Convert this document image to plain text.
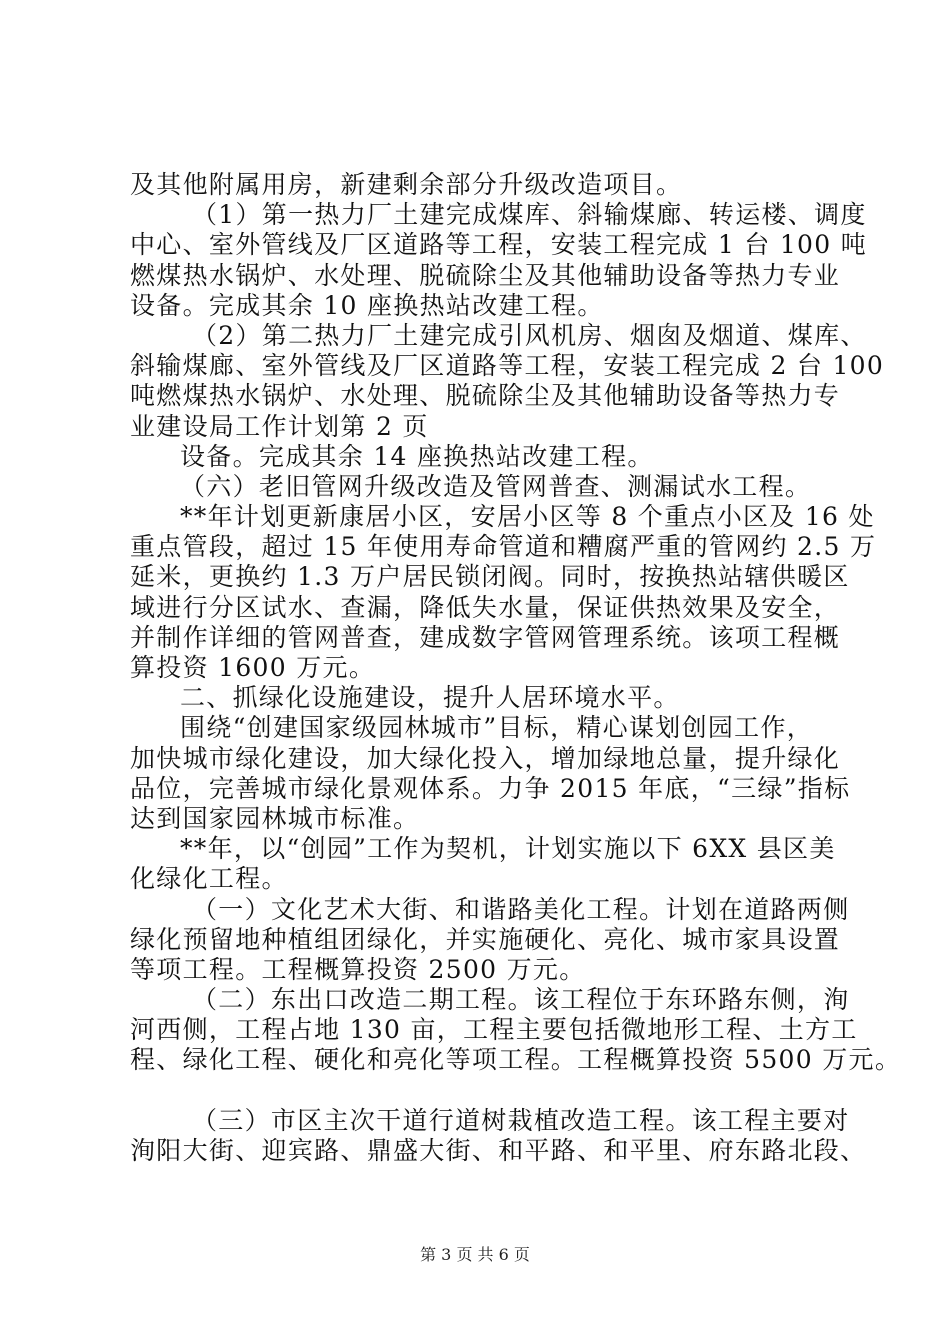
及其他附属用房，新建剩余部分升级改造项目。
（1）第一热力厂土建完成煤库、斜输煤廊、转运楼、调度
中心、室外管线及厂区道路等工程，安装工程完成 1 台 100 吨
燃煤热水锅炉、水处理、脱硫除尘及其他辅助设备等热力专业
设备。完成其余 10 座换热站改建工程。
（2）第二热力厂土建完成引风机房、烟囱及烟道、煤库、
斜输煤廊、室外管线及厂区道路等工程，安装工程完成 2 台 100
吨燃煤热水锅炉、水处理、脱硫除尘及其他辅助设备等热力专
业建设局工作计划第 2 页
设备。完成其余 14 座换热站改建工程。
（六）老旧管网升级改造及管网普查、测漏试水工程。
**年计划更新康居小区，安居小区等 8 个重点小区及 16 处
重点管段，超过 15 年使用寿命管道和糟腐严重的管网约 2.5 万
延米，更换约 1.3 万户居民锁闭阀。同时，按换热站辖供暖区
域进行分区试水、查漏，降低失水量，保证供热效果及安全，
并制作详细的管网普查，建成数字管网管理系统。该项工程概
算投资 1600 万元。
二、抓绿化设施建设，提升人居环境水平。
围绕“创建国家级园林城市”目标，精心谋划创园工作，
加快城市绿化建设，加大绿化投入，增加绿地总量，提升绿化
品位，完善城市绿化景观体系。力争 2015 年底，“三绿”指标
达到国家园林城市标准。
**年，以“创园”工作为契机，计划实施以下 6XX 县区美
化绿化工程。
（一）文化艺术大街、和谐路美化工程。计划在道路两侧
绿化预留地种植组团绿化，并实施硬化、亮化、城市家具设置
等项工程。工程概算投资 2500 万元。
（二）东出口改造二期工程。该工程位于东环路东侧，洵
河西侧，工程占地 130 亩，工程主要包括微地形工程、土方工
程、绿化工程、硬化和亮化等项工程。工程概算投资 5500 万元。
（三）市区主次干道行道树栽植改造工程。该工程主要对
洵阳大街、迎宾路、鼎盛大街、和平路、和平里、府东路北段、
第 3 页 共 6 页
